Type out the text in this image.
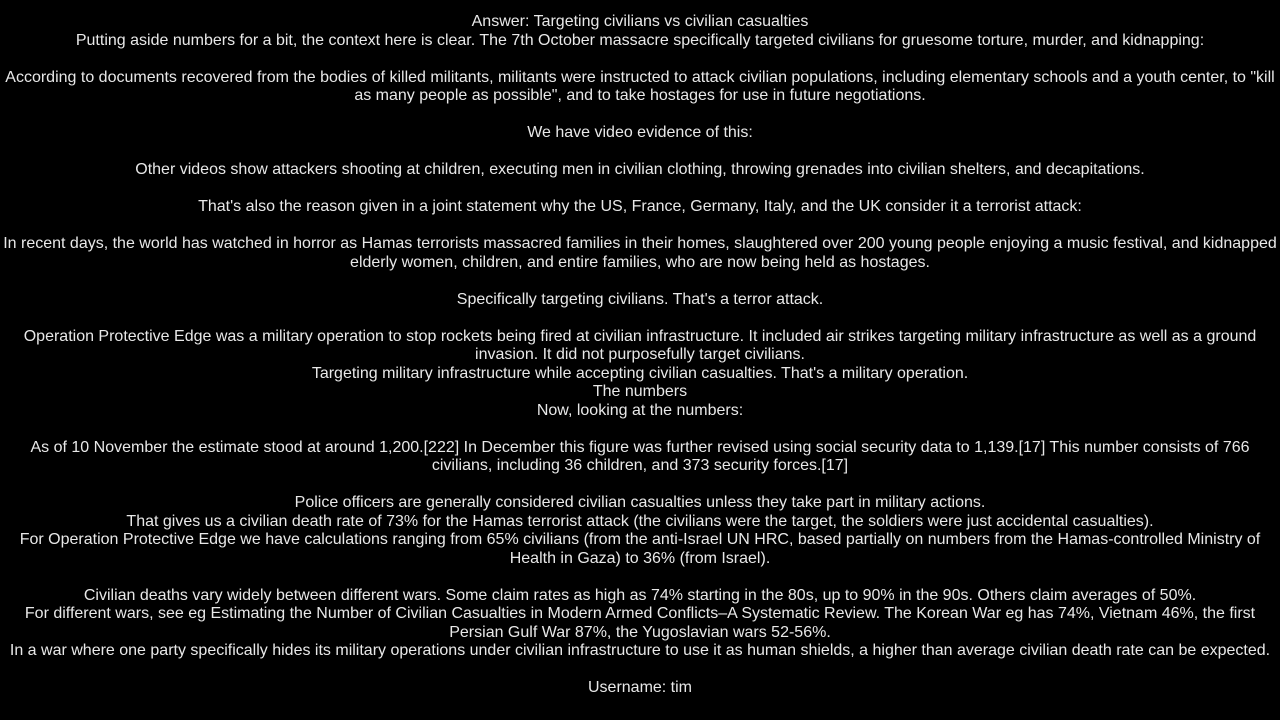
Answer: Targeting civilians vs civilian casualties
Putting aside numbers for a bit, the context here is clear. The 7th October massacre specifically targeted civilians for gruesome torture, murder, and kidnapping:
According to documents recovered from the bodies of killed militants, militants were instructed to attack civilian populations, including elementary schools and a youth center, to "kill as many people as possible", and to take hostages for use in future negotiations.
We have video evidence of this:
Other videos show attackers shooting at children, executing men in civilian clothing, throwing grenades into civilian shelters, and decapitations.
That's also the reason given in a joint statement why the US, France, Germany, Italy, and the UK consider it a terrorist attack:
In recent days, the world has watched in horror as Hamas terrorists massacred families in their homes, slaughtered over 200 young people enjoying a music festival, and kidnapped elderly women, children, and entire families, who are now being held as hostages.
Specifically targeting civilians. That's a terror attack.
Operation Protective Edge was a military operation to stop rockets being fired at civilian infrastructure. It included air strikes targeting military infrastructure as well as a ground invasion. It did not purposefully target civilians.
Targeting military infrastructure while accepting civilian casualties. That's a military operation.
The numbers
Now, looking at the numbers:
As of 10 November the estimate stood at around 1,200.[222] In December this figure was further revised using social security data to 1,139.[17] This number consists of 766 civilians, including 36 children, and 373 security forces.[17]
Police officers are generally considered civilian casualties unless they take part in military actions.
That gives us a civilian death rate of 73% for the Hamas terrorist attack (the civilians were the target, the soldiers were just accidental casualties).
For Operation Protective Edge we have calculations ranging from 65% civilians (from the anti-Israel UN HRC, based partially on numbers from the Hamas-controlled Ministry of Health in Gaza) to 36% (from Israel).
Civilian deaths vary widely between different wars. Some claim rates as high as 74% starting in the 80s, up to 90% in the 90s. Others claim averages of 50%.
For different wars, see eg Estimating the Number of Civilian Casualties in Modern Armed Conflicts–A Systematic Review. The Korean War eg has 74%, Vietnam 46%, the first Persian Gulf War 87%, the Yugoslavian wars 52-56%.
In a war where one party specifically hides its military operations under civilian infrastructure to use it as human shields, a higher than average civilian death rate can be expected.
Username: tim
